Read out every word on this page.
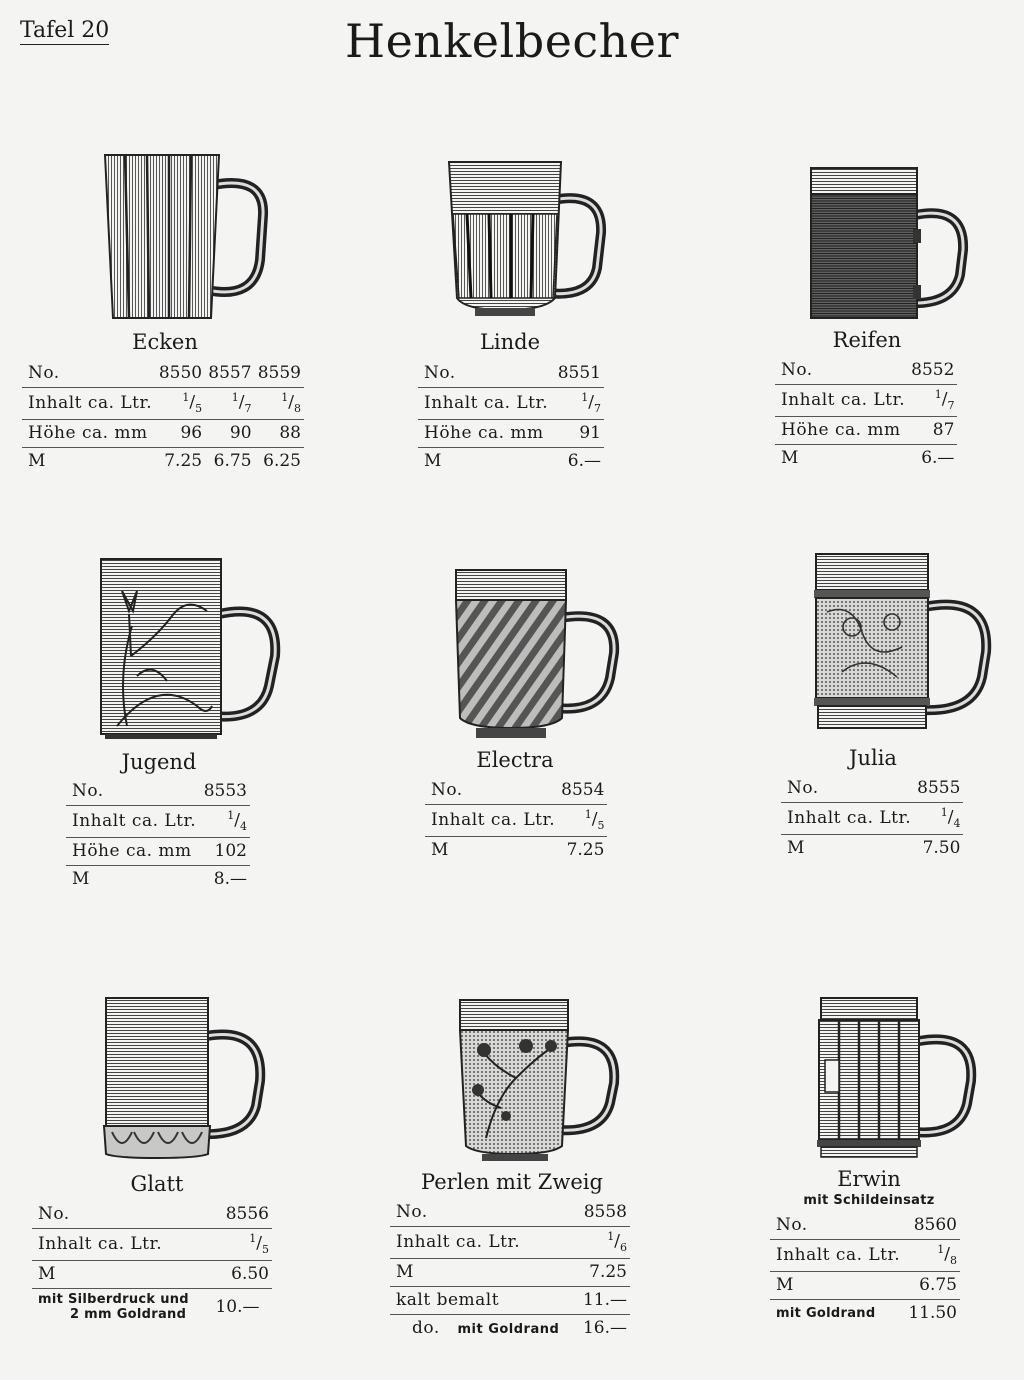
Tafel 20	Henkelbecher
Ecken
No.	8550	8557	8559
Inhalt ca. Ltr.	$^1/_5$	$^1/_7$	$^1/_8$
Höhe ca. mm	96	90	88
M	7.25	6.75	6.25
Linde
No.	8551
Inhalt ca. Ltr.	$^1/_7$
Höhe ca. mm	91
M	6.—
Reifen
No.	8552
Inhalt ca. Ltr.	$^1/_7$
Höhe ca. mm	87
M	6.—
Jugend
No.	8553
Inhalt ca. Ltr.	$^1/_4$
Höhe ca. mm	102
M	8.—
Electra
No.	8554
Inhalt ca. Ltr.	$^1/_5$
M	7.25
Julia
No.	8555
Inhalt ca. Ltr.	$^1/_4$
M	7.50
Glatt
No.	8556
Inhalt ca. Ltr.	$^1/_5$
M	6.50

mit Silberdruck und
2 mm Goldrand	10.—
Perlen mit Zweig
No.	8558
Inhalt ca. Ltr.	$^1/_6$
M	7.25
kalt bemalt	11.—
do. mit Goldrand	16.—
Erwin
mit Schildeinsatz
No.	8560
Inhalt ca. Ltr.	$^1/_8$
M	6.75
mit Goldrand	11.50
